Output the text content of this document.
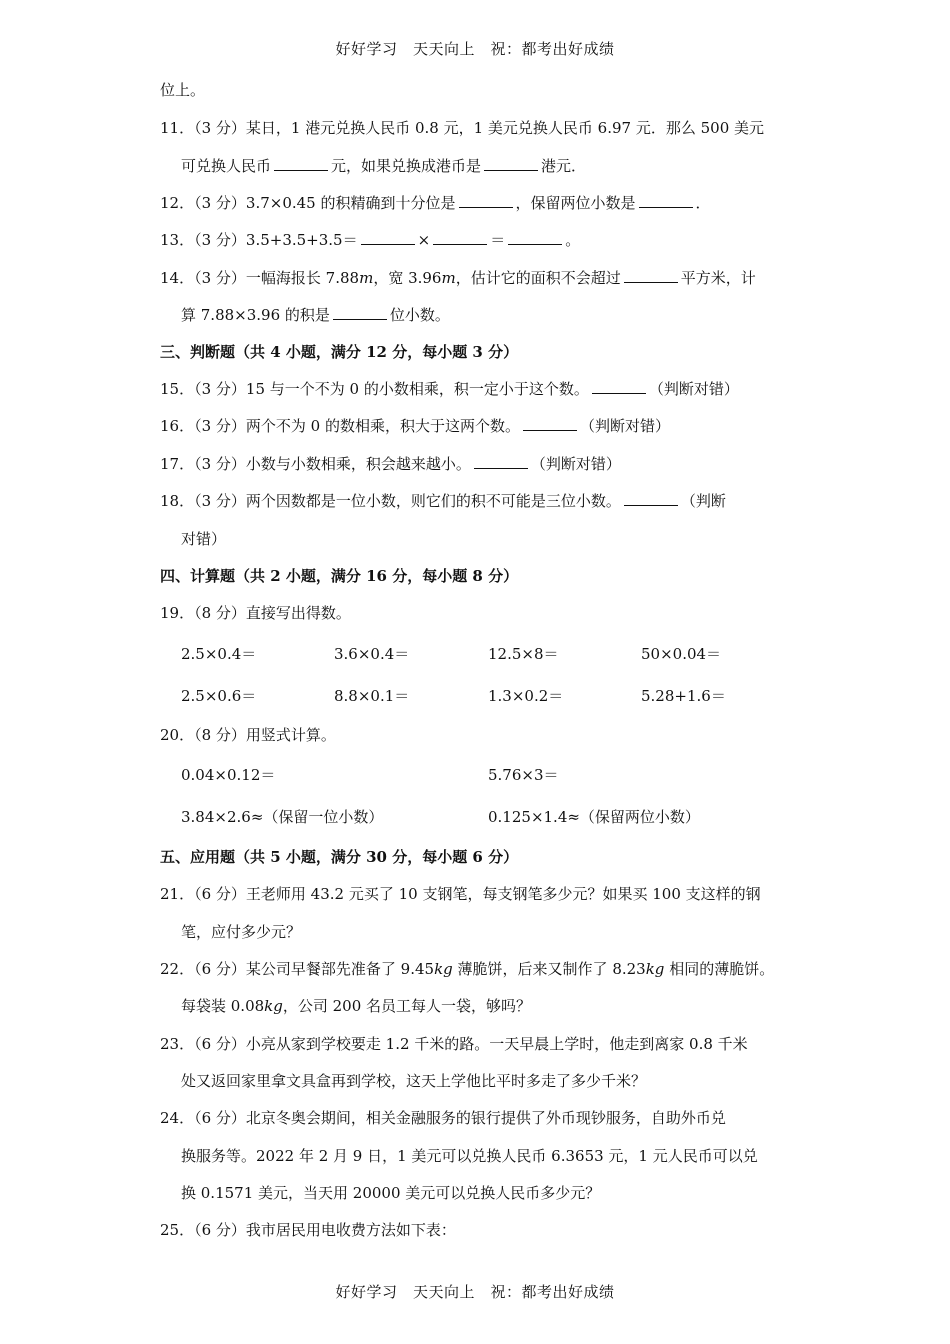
好好学习　天天向上　祝：都考出好成绩
位上。
11．（3 分）某日，1 港元兑换人民币 0.8 元，1 美元兑换人民币 6.97 元．那么 500 美元
可兑换人民币	元，如果兑换成港币是	港元．
12．（3 分）3.7×0.45 的积精确到十分位是	，保留两位小数是	．
13．（3 分）3.5+3.5+3.5＝	×	＝	。
14．（3 分）一幅海报长 7.88m，宽 3.96m，估计它的面积不会超过	平方米，计
算 7.88×3.96 的积是	位小数。
三、判断题（共 4 小题，满分 12 分，每小题 3 分）
15．（3 分）15 与一个不为 0 的小数相乘，积一定小于这个数。	（判断对错）
16．（3 分）两个不为 0 的数相乘，积大于这两个数。	（判断对错）
17．（3 分）小数与小数相乘，积会越来越小。	（判断对错）
18．（3 分）两个因数都是一位小数，则它们的积不可能是三位小数。	（判断
对错）
四、计算题（共 2 小题，满分 16 分，每小题 8 分）
19．（8 分）直接写出得数。
2.5×0.4＝	3.6×0.4＝	12.5×8＝	50×0.04＝
2.5×0.6＝	8.8×0.1＝	1.3×0.2＝	5.28+1.6＝
20．（8 分）用竖式计算。
0.04×0.12＝	5.76×3＝
3.84×2.6≈（保留一位小数）	0.125×1.4≈（保留两位小数）
五、应用题（共 5 小题，满分 30 分，每小题 6 分）
21．（6 分）王老师用 43.2 元买了 10 支钢笔，每支钢笔多少元？如果买 100 支这样的钢
笔，应付多少元？
22．（6 分）某公司早餐部先准备了 9.45kg 薄脆饼，后来又制作了 8.23kg 相同的薄脆饼。
每袋装 0.08kg，公司 200 名员工每人一袋，够吗？
23．（6 分）小亮从家到学校要走 1.2 千米的路。一天早晨上学时，他走到离家 0.8 千米
处又返回家里拿文具盒再到学校，这天上学他比平时多走了多少千米？
24．（6 分）北京冬奥会期间，相关金融服务的银行提供了外币现钞服务，自助外币兑
换服务等。2022 年 2 月 9 日，1 美元可以兑换人民币 6.3653 元，1 元人民币可以兑
换 0.1571 美元，当天用 20000 美元可以兑换人民币多少元？
25．（6 分）我市居民用电收费方法如下表：
好好学习　天天向上　祝：都考出好成绩
